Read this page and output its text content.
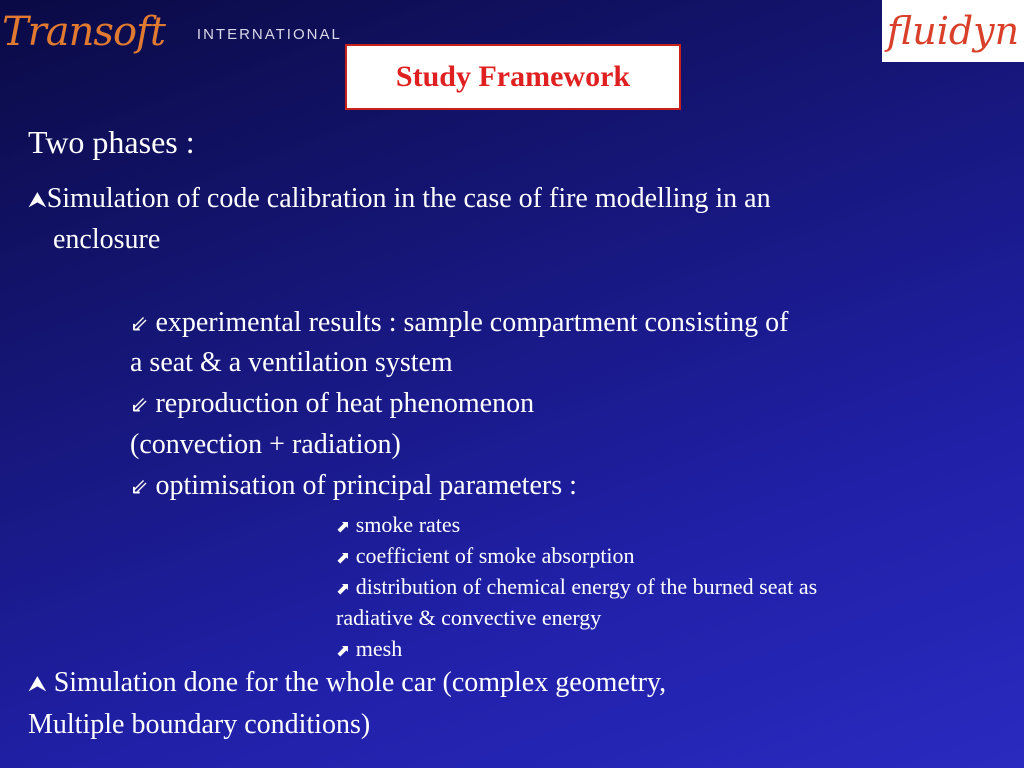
Transoft INTERNATIONAL	fluidyn
Study Framework
Two phases :
⮝Simulation of code calibration in the case of fire modelling in an
enclosure
⇙ experimental results : sample compartment consisting of
a seat & a ventilation system
⇙ reproduction of heat phenomenon
(convection + radiation)
⇙ optimisation of principal parameters :
⬈ smoke rates
⬈ coefficient of smoke absorption
⬈ distribution of chemical energy of the burned seat as
radiative & convective energy
⬈ mesh
⮝ Simulation done for the whole car (complex geometry,
Multiple boundary conditions)
